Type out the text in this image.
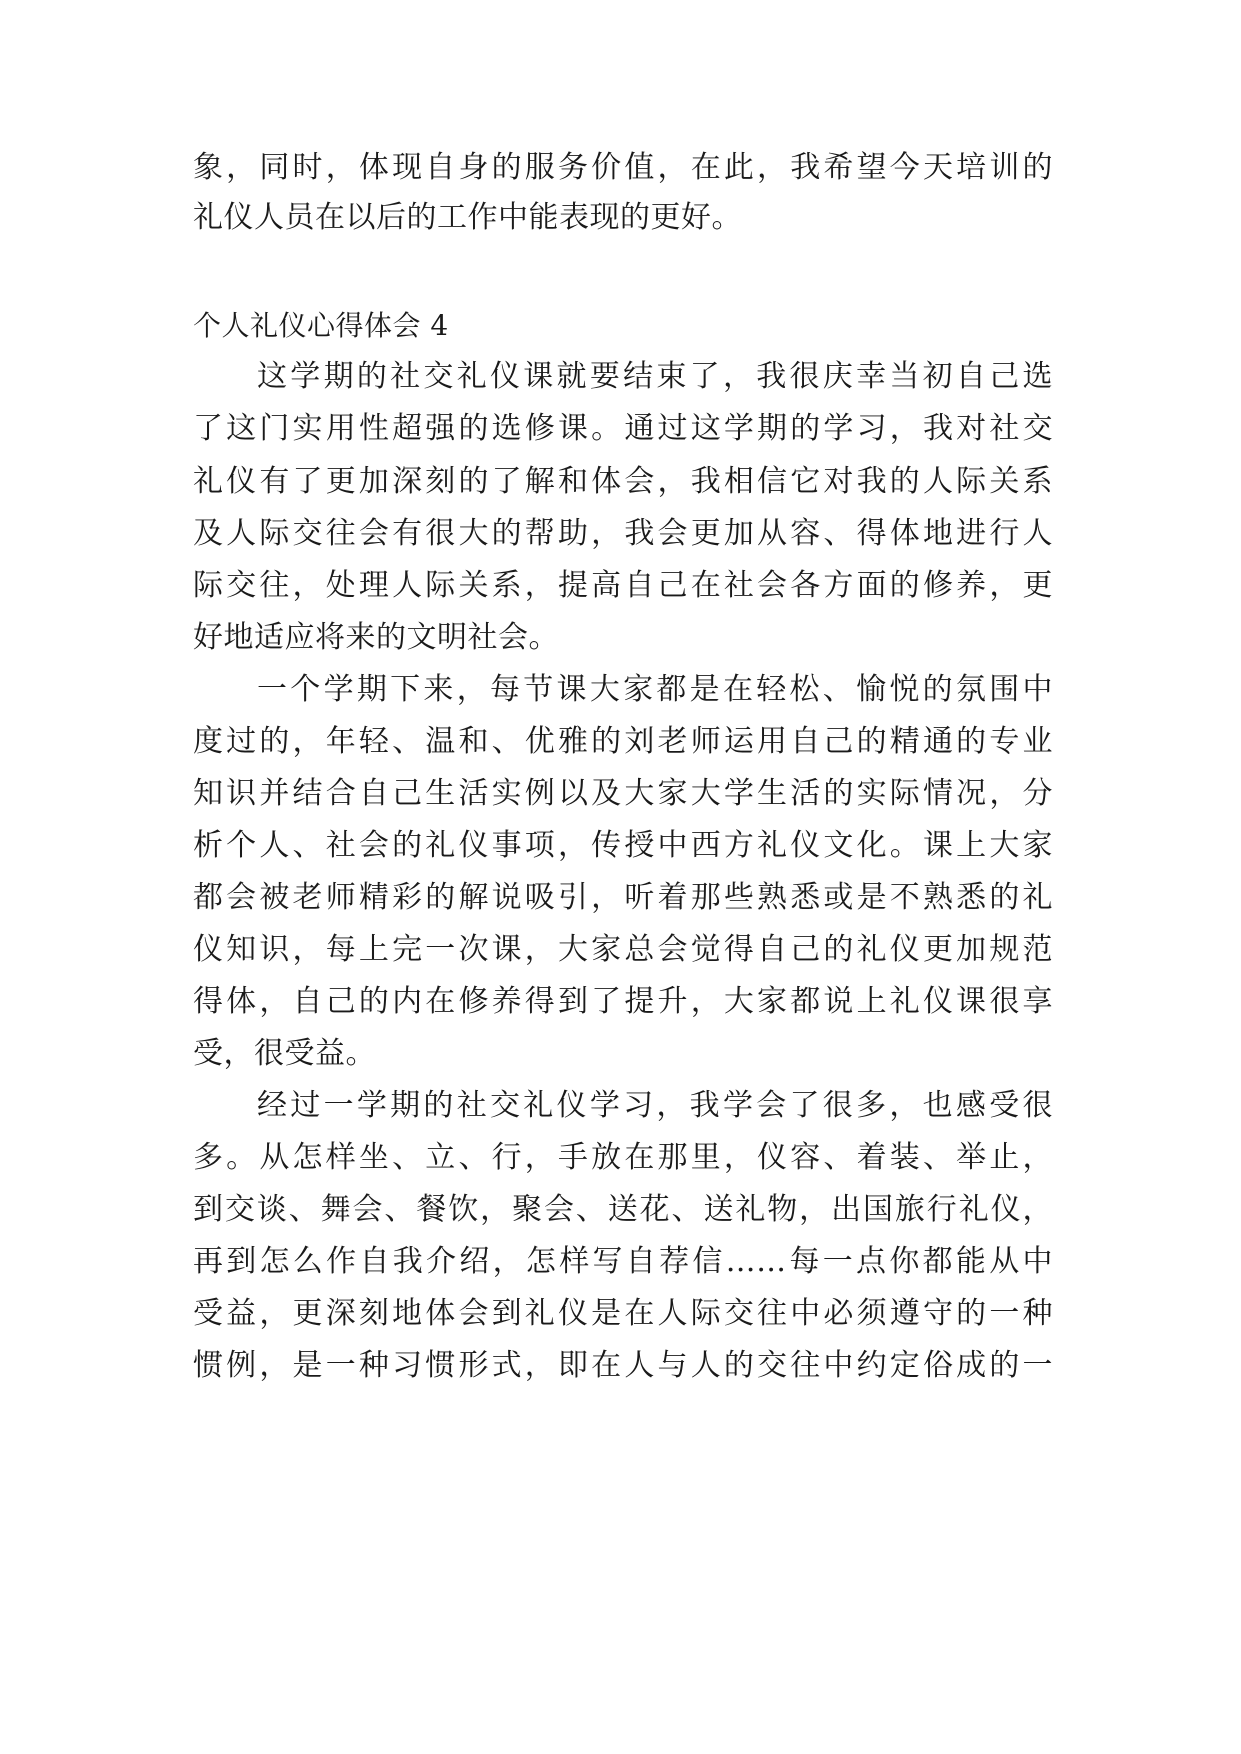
象，同时，体现自身的服务价值，在此，我希望今天培训的
礼仪人员在以后的工作中能表现的更好。
个人礼仪心得体会 4
这学期的社交礼仪课就要结束了，我很庆幸当初自己选
了这门实用性超强的选修课。通过这学期的学习，我对社交
礼仪有了更加深刻的了解和体会，我相信它对我的人际关系
及人际交往会有很大的帮助，我会更加从容、得体地进行人
际交往，处理人际关系，提高自己在社会各方面的修养，更
好地适应将来的文明社会。
一个学期下来，每节课大家都是在轻松、愉悦的氛围中
度过的，年轻、温和、优雅的刘老师运用自己的精通的专业
知识并结合自己生活实例以及大家大学生活的实际情况，分
析个人、社会的礼仪事项，传授中西方礼仪文化。课上大家
都会被老师精彩的解说吸引，听着那些熟悉或是不熟悉的礼
仪知识，每上完一次课，大家总会觉得自己的礼仪更加规范
得体，自己的内在修养得到了提升，大家都说上礼仪课很享
受，很受益。
经过一学期的社交礼仪学习，我学会了很多，也感受很
多。从怎样坐、立、行，手放在那里，仪容、着装、举止，
到交谈、舞会、餐饮，聚会、送花、送礼物，出国旅行礼仪，
再到怎么作自我介绍，怎样写自荐信……每一点你都能从中
受益，更深刻地体会到礼仪是在人际交往中必须遵守的一种
惯例，是一种习惯形式，即在人与人的交往中约定俗成的一
